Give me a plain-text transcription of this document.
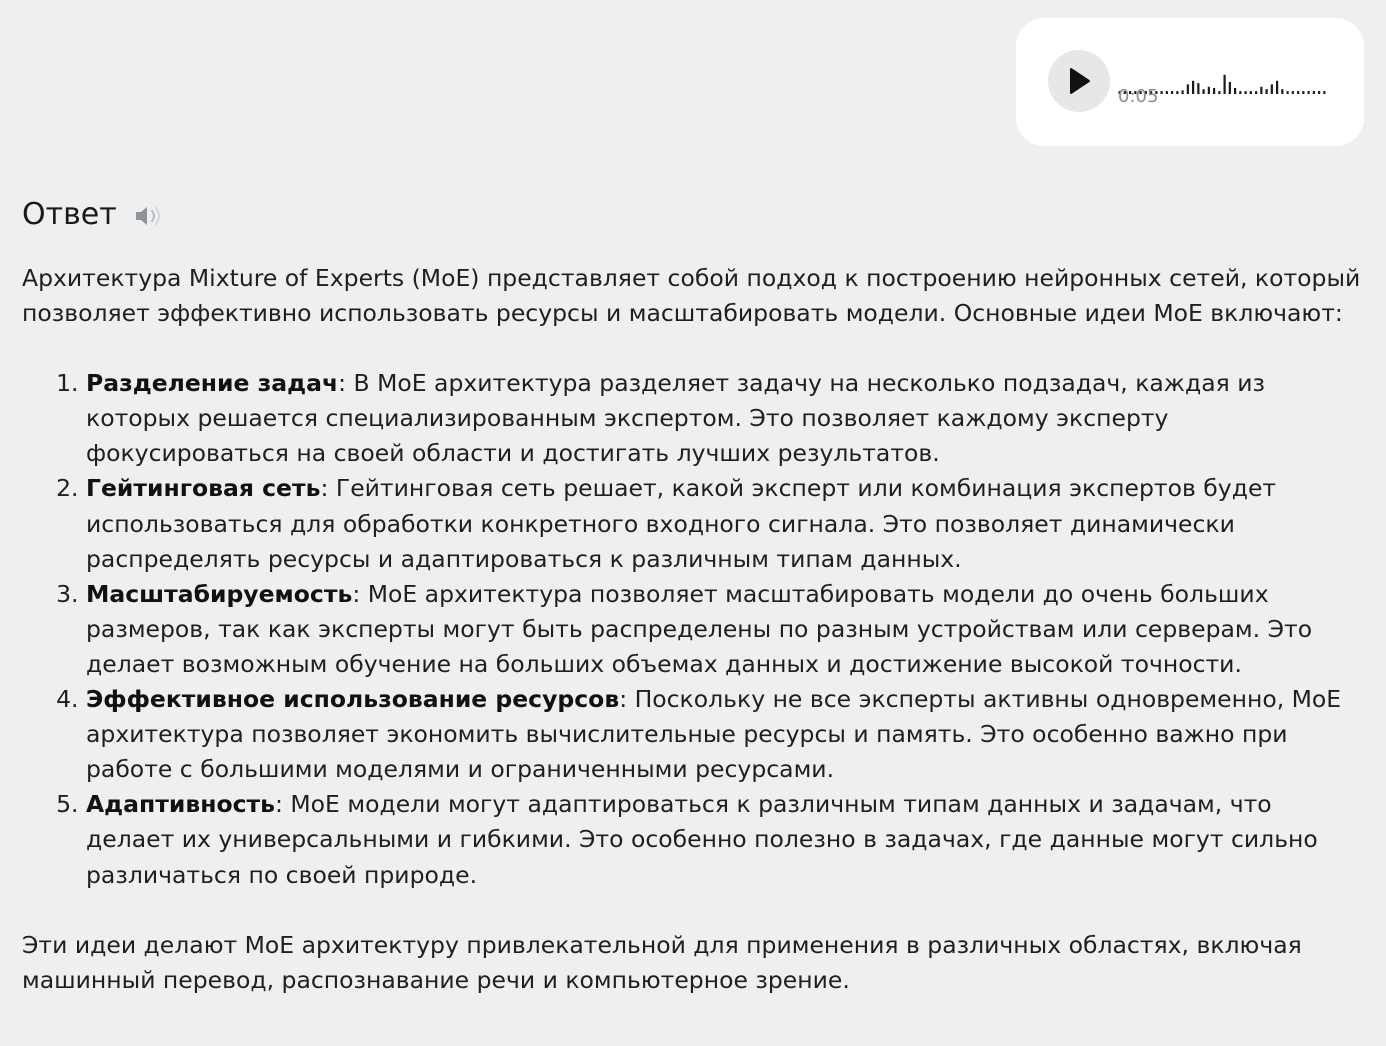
0:05
Ответ

Архитектура Mixture of Experts (MoE) представляет собой подход к построению нейронных сетей, который позволяет эффективно использовать ресурсы и масштабировать модели. Основные идеи MoE включают:

1. Разделение задач: В MoE архитектура разделяет задачу на несколько подзадач, каждая из которых решается специализированным экспертом. Это позволяет каждому эксперту фокусироваться на своей области и достигать лучших результатов.
2. Гейтинговая сеть: Гейтинговая сеть решает, какой эксперт или комбинация экспертов будет использоваться для обработки конкретного входного сигнала. Это позволяет динамически распределять ресурсы и адаптироваться к различным типам данных.
3. Масштабируемость: MoE архитектура позволяет масштабировать модели до очень больших размеров, так как эксперты могут быть распределены по разным устройствам или серверам. Это делает возможным обучение на больших объемах данных и достижение высокой точности.
4. Эффективное использование ресурсов: Поскольку не все эксперты активны одновременно, MoE архитектура позволяет экономить вычислительные ресурсы и память. Это особенно важно при работе с большими моделями и ограниченными ресурсами.
5. Адаптивность: MoE модели могут адаптироваться к различным типам данных и задачам, что делает их универсальными и гибкими. Это особенно полезно в задачах, где данные могут сильно различаться по своей природе.

Эти идеи делают MoE архитектуру привлекательной для применения в различных областях, включая машинный перевод, распознавание речи и компьютерное зрение.
